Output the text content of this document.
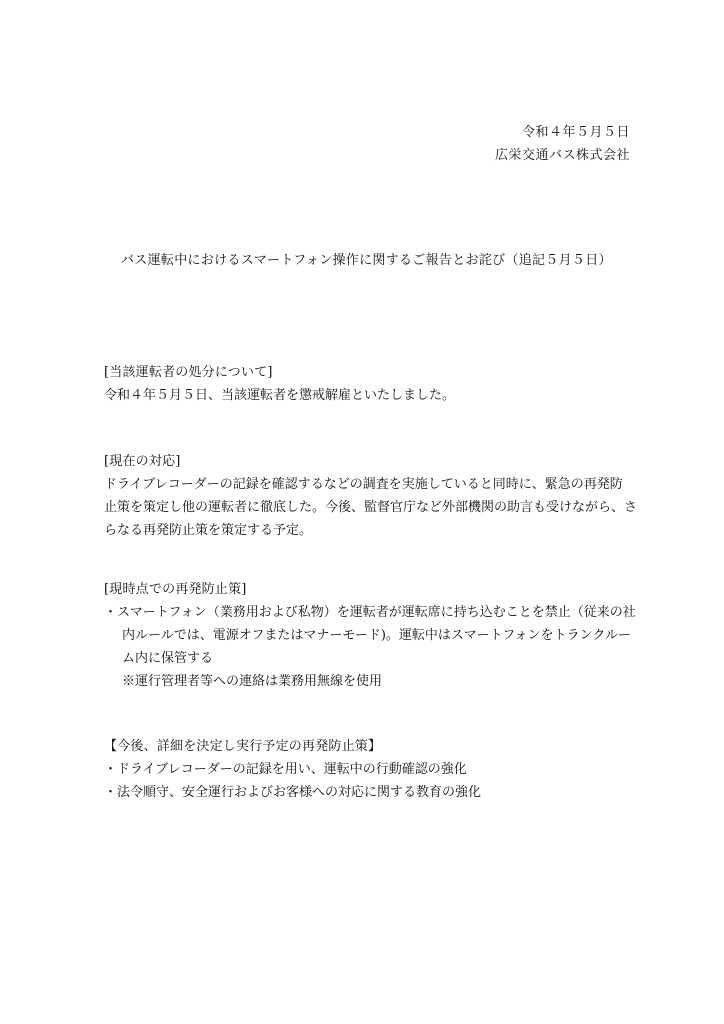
令和４年５月５日
広栄交通バス株式会社
バス運転中におけるスマートフォン操作に関するご報告とお詫び（追記５月５日）
[当該運転者の処分について]
令和４年５月５日、当該運転者を懲戒解雇といたしました。
[現在の対応]
ドライブレコーダーの記録を確認するなどの調査を実施していると同時に、緊急の再発防
止策を策定し他の運転者に徹底した。今後、監督官庁など外部機関の助言も受けながら、さ
らなる再発防止策を策定する予定。
[現時点での再発防止策]
・スマートフォン（業務用および私物）を運転者が運転席に持ち込むことを禁止（従来の社
内ルールでは、電源オフまたはマナーモード)。運転中はスマートフォンをトランクルー
ム内に保管する
※運行管理者等への連絡は業務用無線を使用
【今後、詳細を決定し実行予定の再発防止策】
・ドライブレコーダーの記録を用い、運転中の行動確認の強化
・法令順守、安全運行およびお客様への対応に関する教育の強化
